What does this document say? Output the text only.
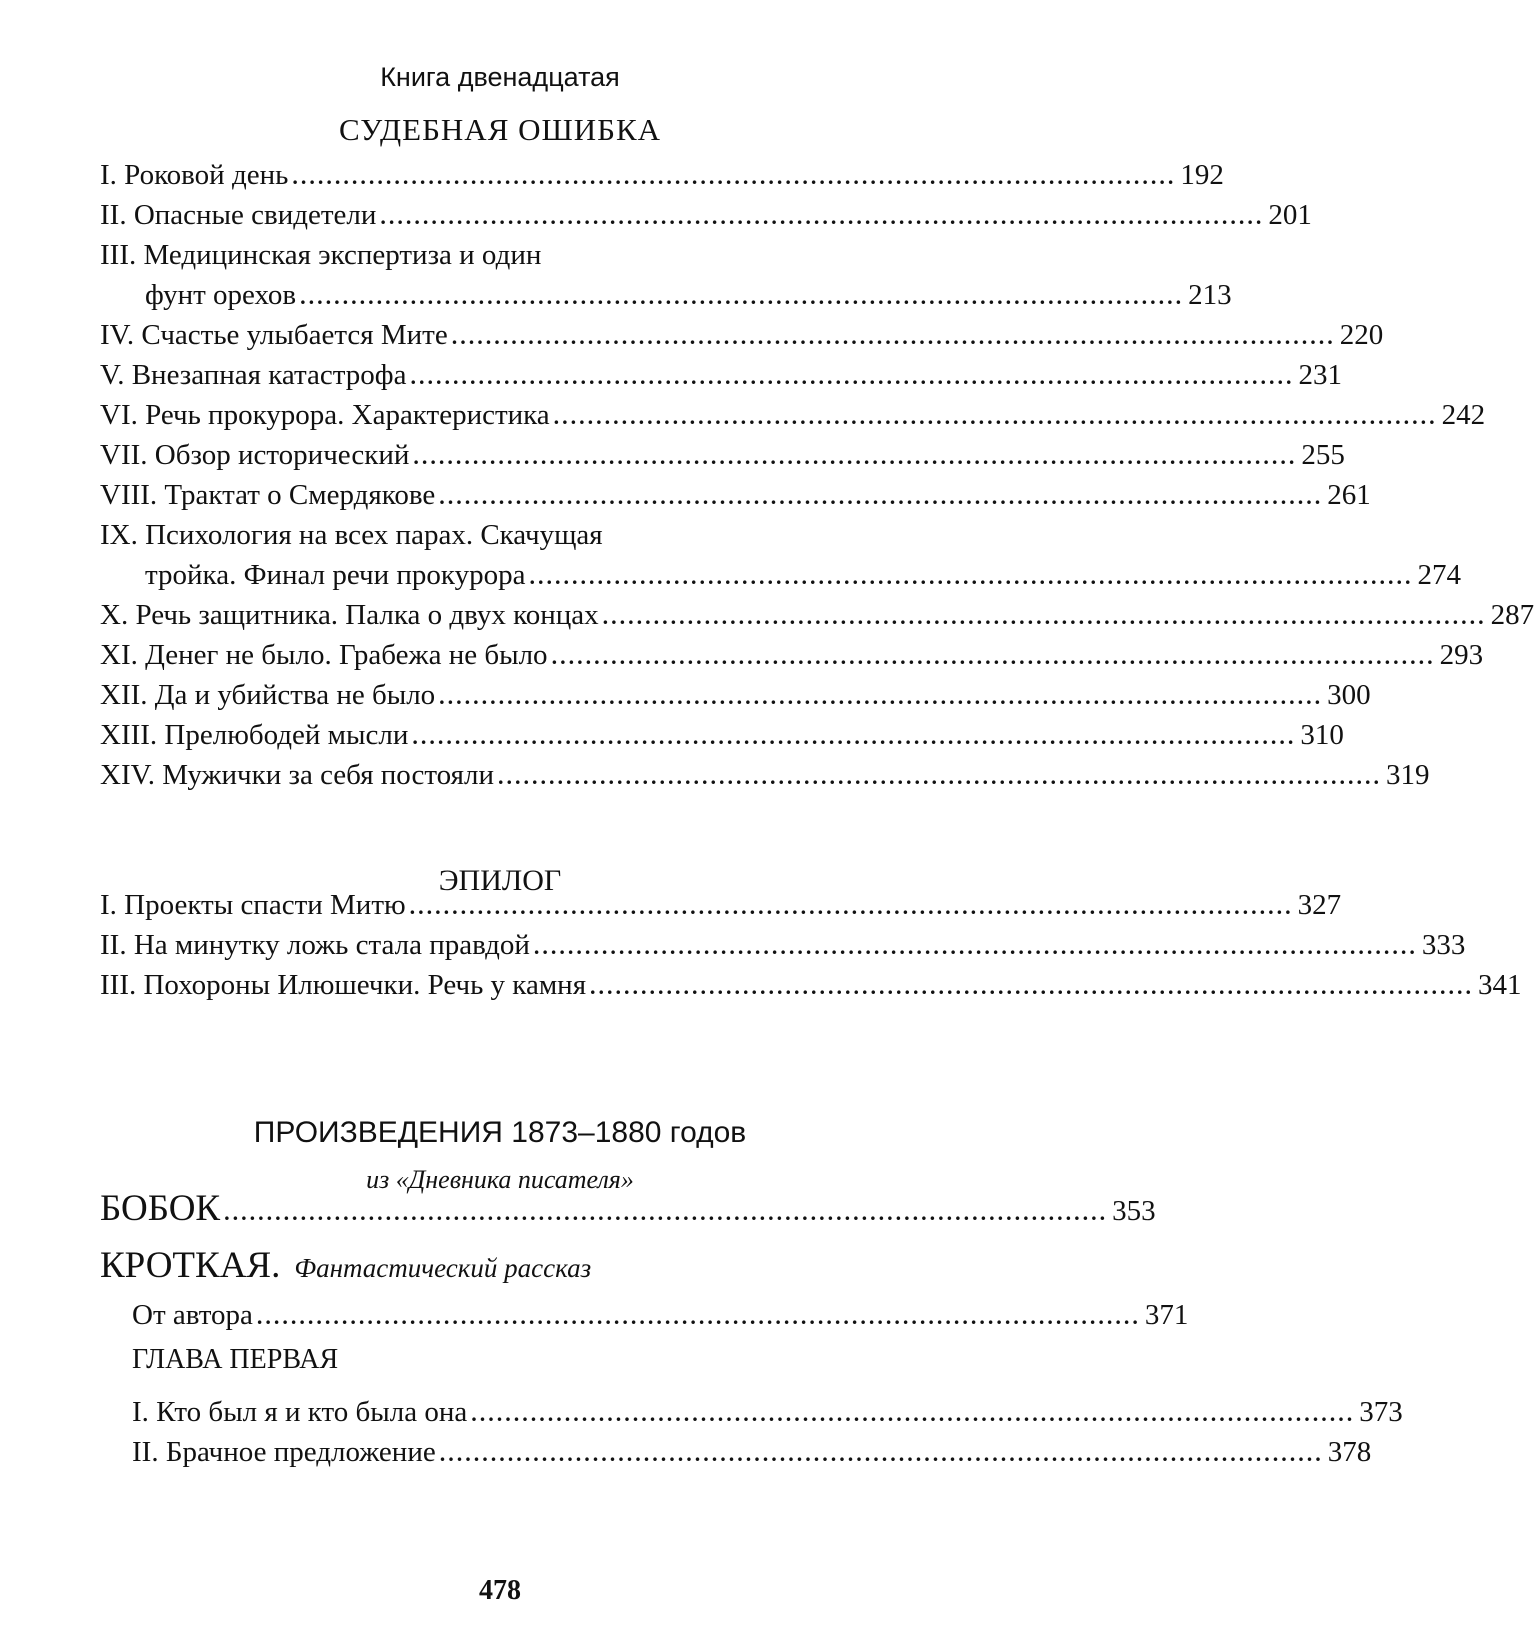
Книга двенадцатая
СУДЕБНАЯ ОШИБКА
I. Роковой день ........................................................................................................ 192
II. Опасные свидетели ........................................................................................................ 201
III. Медицинская экспертиза и один
фунт орехов ........................................................................................................ 213
IV. Счастье улыбается Мите ........................................................................................................ 220
V. Внезапная катастрофа ........................................................................................................ 231
VI. Речь прокурора. Характеристика ........................................................................................................ 242
VII. Обзор исторический ........................................................................................................ 255
VIII. Трактат о Смердякове ........................................................................................................ 261
IX. Психология на всех парах. Скачущая
тройка. Финал речи прокурора ........................................................................................................ 274
X. Речь защитника. Палка о двух концах ........................................................................................................ 287
XI. Денег не было. Грабежа не было ........................................................................................................ 293
XII. Да и убийства не было ........................................................................................................ 300
XIII. Прелюбодей мысли ........................................................................................................ 310
XIV. Мужички за себя постояли ........................................................................................................ 319
ЭПИЛОГ
I. Проекты спасти Митю ........................................................................................................ 327
II. На минутку ложь стала правдой ........................................................................................................ 333
III. Похороны Илюшечки. Речь у камня ........................................................................................................ 341
ПРОИЗВЕДЕНИЯ 1873–1880 годов
из «Дневника писателя»
БОБОК ........................................................................................................ 353
КРОТКАЯ. Фантастический рассказ
От автора ........................................................................................................ 371
ГЛАВА ПЕРВАЯ
I. Кто был я и кто была она ........................................................................................................ 373
II. Брачное предложение ........................................................................................................ 378
478
